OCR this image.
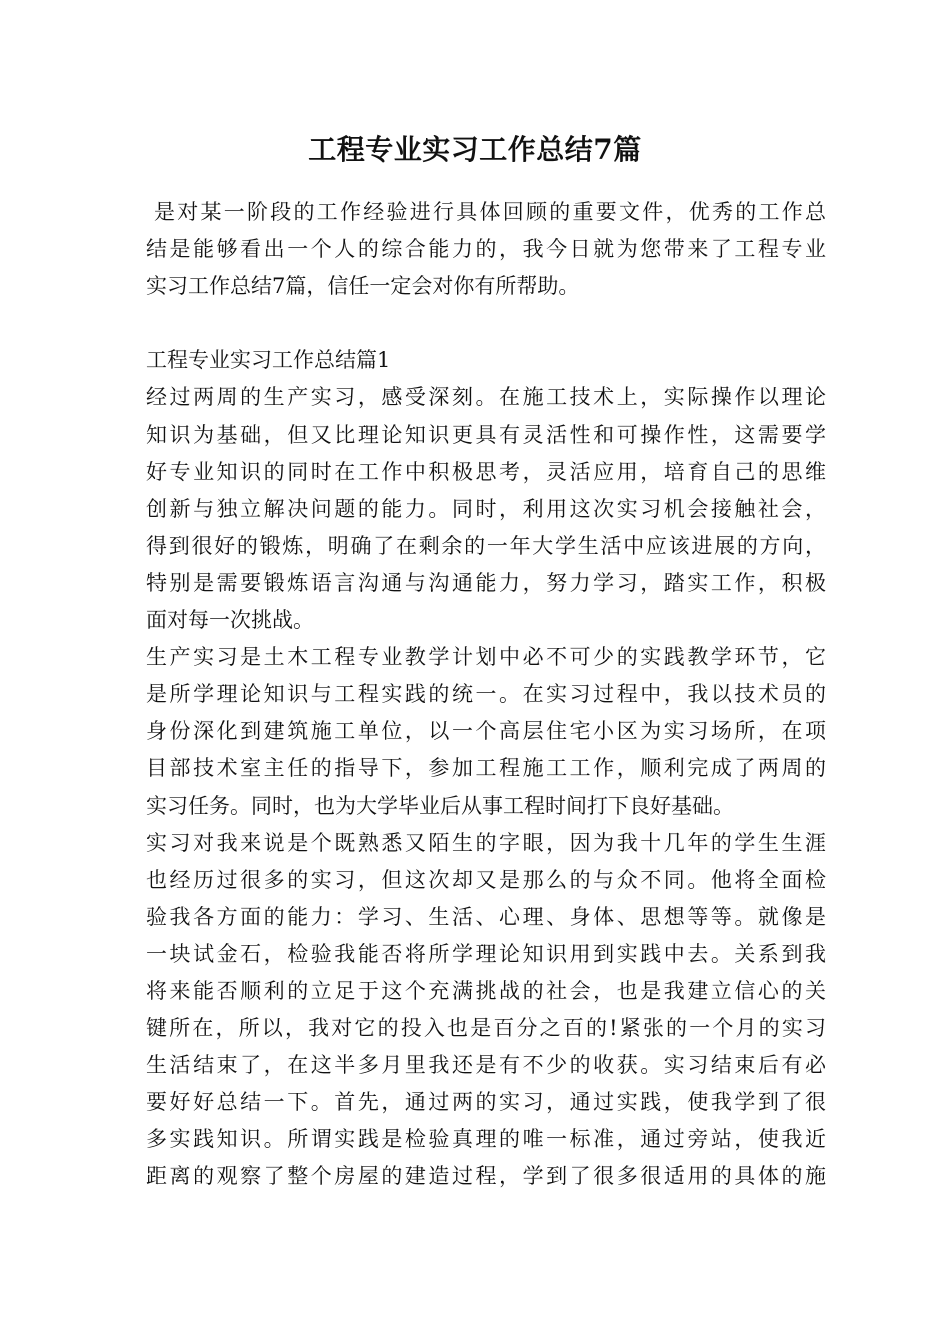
工程专业实习工作总结7篇
是对某一阶段的工作经验进行具体回顾的重要文件，优秀的工作总
结是能够看出一个人的综合能力的，我今日就为您带来了工程专业
实习工作总结7篇，信任一定会对你有所帮助。
工程专业实习工作总结篇1
经过两周的生产实习，感受深刻。在施工技术上，实际操作以理论
知识为基础，但又比理论知识更具有灵活性和可操作性，这需要学
好专业知识的同时在工作中积极思考，灵活应用，培育自己的思维
创新与独立解决问题的能力。同时，利用这次实习机会接触社会，
得到很好的锻炼，明确了在剩余的一年大学生活中应该进展的方向，
特别是需要锻炼语言沟通与沟通能力，努力学习，踏实工作，积极
面对每一次挑战。
生产实习是土木工程专业教学计划中必不可少的实践教学环节，它
是所学理论知识与工程实践的统一。在实习过程中，我以技术员的
身份深化到建筑施工单位，以一个高层住宅小区为实习场所，在项
目部技术室主任的指导下，参加工程施工工作，顺利完成了两周的
实习任务。同时，也为大学毕业后从事工程时间打下良好基础。
实习对我来说是个既熟悉又陌生的字眼，因为我十几年的学生生涯
也经历过很多的实习，但这次却又是那么的与众不同。他将全面检
验我各方面的能力：学习、生活、心理、身体、思想等等。就像是
一块试金石，检验我能否将所学理论知识用到实践中去。关系到我
将来能否顺利的立足于这个充满挑战的社会，也是我建立信心的关
键所在，所以，我对它的投入也是百分之百的!紧张的一个月的实习
生活结束了，在这半多月里我还是有不少的收获。实习结束后有必
要好好总结一下。首先，通过两的实习，通过实践，使我学到了很
多实践知识。所谓实践是检验真理的唯一标准，通过旁站，使我近
距离的观察了整个房屋的建造过程，学到了很多很适用的具体的施
